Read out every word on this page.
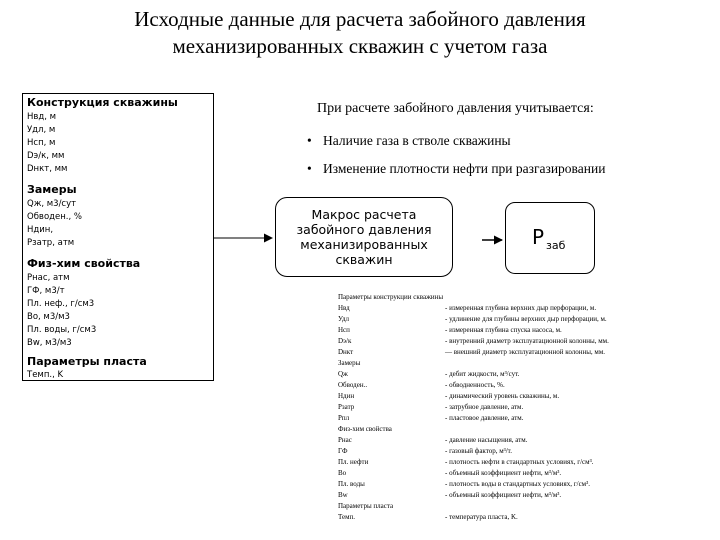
Исходные данные для расчета забойного давления
механизированных скважин с учетом газа
Конструкция скважины
Нвд, м
Удл, м
Нсп, м
Dэ/к, мм
Dнкт, мм
Замеры
Qж, м3/сут
Обводен., %
Hдин,
Pзатр, атм
Физ-хим свойства
Pнас, атм
ГФ, м3/т
Пл. неф., г/см3
Bo, м3/м3
Пл. воды, г/см3
Bw, м3/м3
Параметры пласта
Темп., K
При расчете забойного давления учитывается:
• Наличие газа в стволе скважины
• Изменение плотности нефти при разгазировании
Макрос расчета
забойного давления
механизированных
скважин
P заб
Параметры конструкции скважины
Нвд	- измеренная глубина верхних дыр перфорации, м.
Удл	- удлинение для глубины верхних дыр перфорации, м.
Нсп	- измеренная глубина спуска насоса, м.
Dэ/к	- внутренний диаметр эксплуатационной колонны, мм.
Dнкт	— внешний диаметр эксплуатационной колонны, мм.
Замеры
Qж	- дебит жидкости, м³/сут.
Обводен..	- обводненность, %.
Hдин	- динамический уровень скважины, м.
Pзатр	- затрубное давление, атм.
Pпл	- пластовое давление, атм.
Физ-хим свойства
Pнас	- давление насыщения, атм.
ГФ	- газовый фактор, м³/т.
Пл. нефти	- плотность нефти в стандартных условиях, г/см³.
Bo	- объемный коэффициент нефти, м³/м³.
Пл. воды	- плотность воды в стандартных условиях, г/см³.
Bw	- объемный коэффициент нефти, м³/м³.
Параметры пласта
Темп.	- температура пласта, K.
